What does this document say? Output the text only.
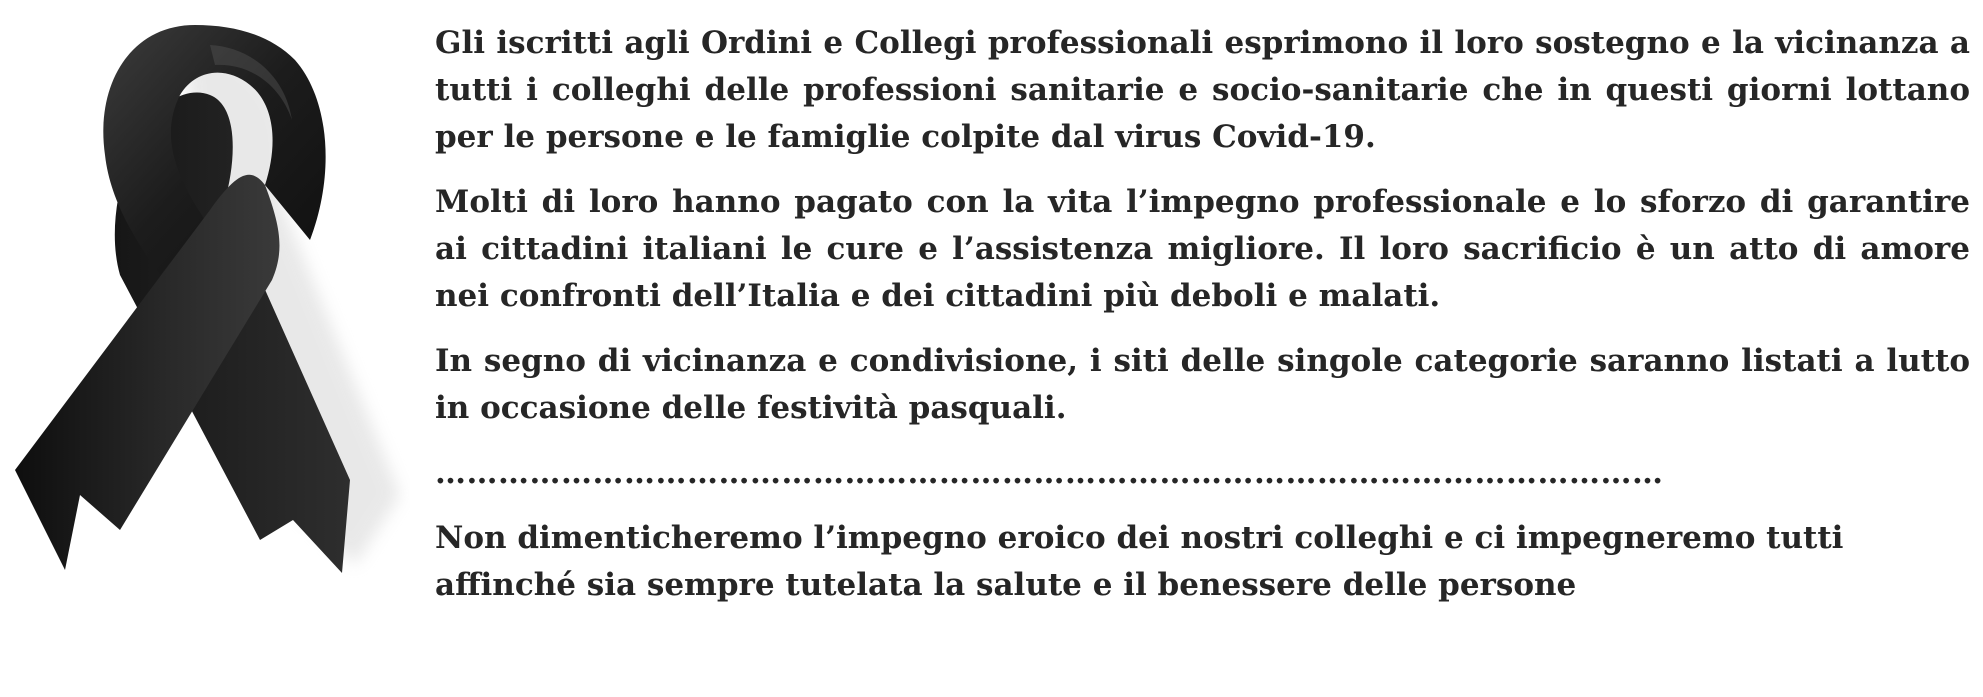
Gli iscritti agli Ordini e Collegi professionali esprimono il loro sostegno e la vicinanza a tutti i colleghi delle professioni sanitarie e socio-sanitarie che in questi giorni lottano per le persone e le famiglie colpite dal virus Covid-19.

Molti di loro hanno pagato con la vita l’impegno professionale e lo sforzo di garantire ai cittadini italiani le cure e l’assistenza migliore. Il loro sacrificio è un atto di amore nei confronti dell’Italia e dei cittadini più deboli e malati.

In segno di vicinanza e condivisione, i siti delle singole categorie saranno listati a lutto in occasione delle festività pasquali.

………………………………………………………………………………………………………

Non dimenticheremo l’impegno eroico dei nostri colleghi e ci impegneremo tutti affinché sia sempre tutelata la salute e il benessere delle persone
